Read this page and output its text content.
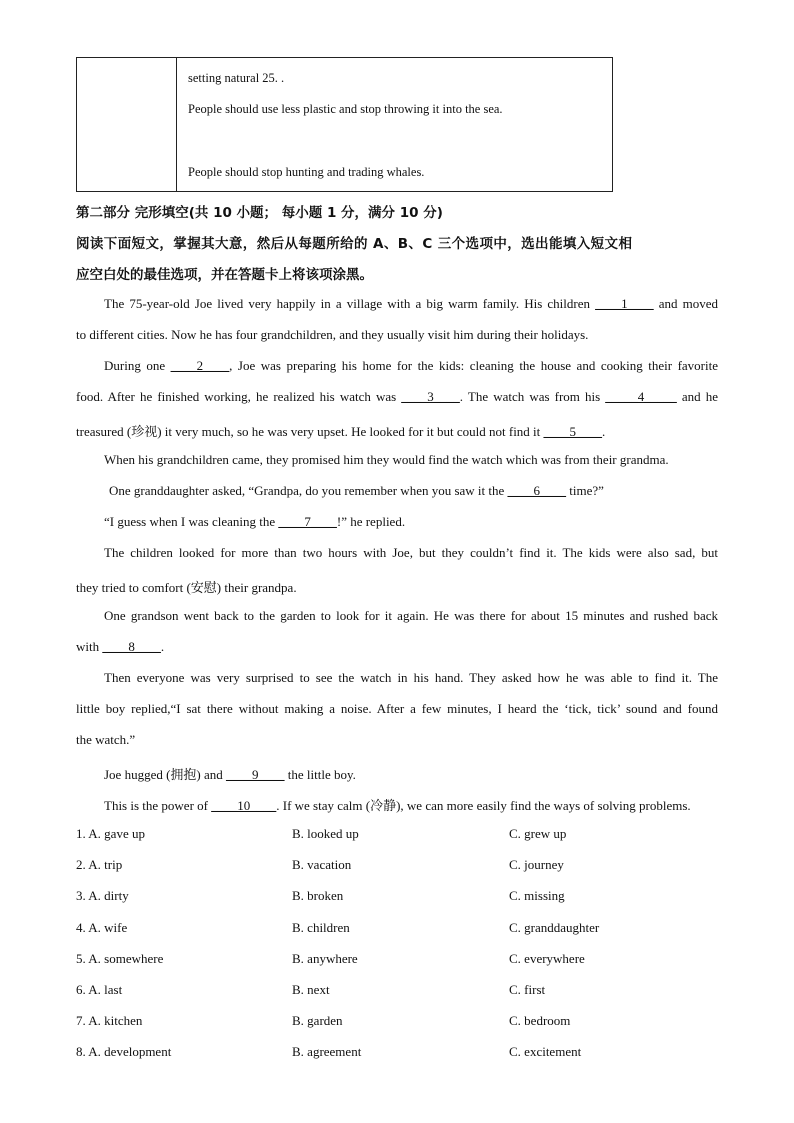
setting natural 25. .
People should use less plastic and stop throwing it into the sea.
People should stop hunting and trading whales.
第二部分 完形填空(共 10 小题； 每小题 1 分，满分 10 分)
阅读下面短文，掌握其大意，然后从每题所给的 A、B、C 三个选项中，选出能填入短文相
应空白处的最佳选项，并在答题卡上将该项涂黑。
The 75-year-old Joe lived very happily in a village with a big warm family. His children ____1____ and moved
to different cities. Now he has four grandchildren, and they usually visit him during their holidays.
During one ____2____, Joe was preparing his home for the kids: cleaning the house and cooking their favorite
food. After he finished working, he realized his watch was ____3____. The watch was from his _____4_____ and he
treasured (珍视) it very much, so he was very upset. He looked for it but could not find it ____5____.
When his grandchildren came, they promised him they would find the watch which was from their grandma.
One granddaughter asked, “Grandpa, do you remember when you saw it the ____6____ time?”
“I guess when I was cleaning the ____7____!” he replied.
The children looked for more than two hours with Joe, but they couldn’t find it. The kids were also sad, but
they tried to comfort (安慰) their grandpa.
One grandson went back to the garden to look for it again. He was there for about 15 minutes and rushed back
with ____8____.
Then everyone was very surprised to see the watch in his hand. They asked how he was able to find it. The
little boy replied,“I sat there without making a noise. After a few minutes, I heard the ‘tick, tick’ sound and found
the watch.”
Joe hugged (拥抱) and ____9____ the little boy.
This is the power of ____10____. If we stay calm (冷静), we can more easily find the ways of solving problems.
1. A. gave up	B. looked up	C. grew up
2. A. trip	B. vacation	C. journey
3. A. dirty	B. broken	C. missing
4. A. wife	B. children	C. granddaughter
5. A. somewhere	B. anywhere	C. everywhere
6. A. last	B. next	C. first
7. A. kitchen	B. garden	C. bedroom
8. A. development	B. agreement	C. excitement
